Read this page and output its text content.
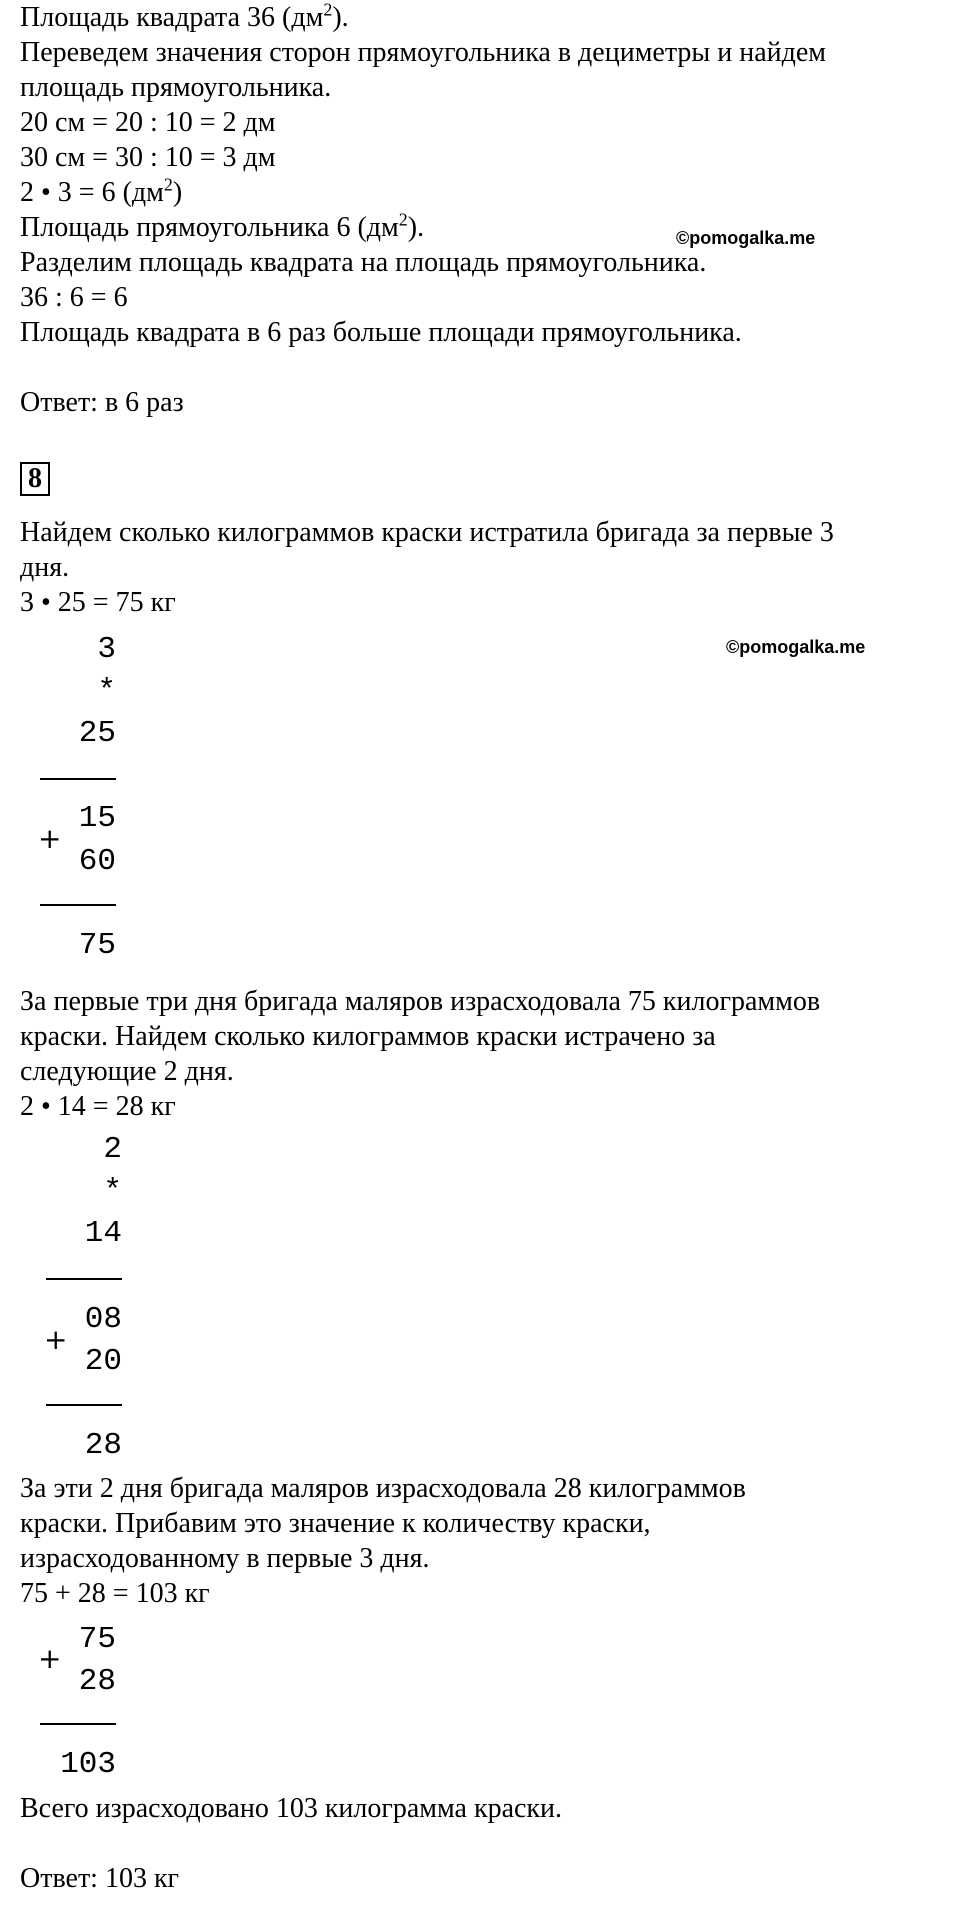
Площадь квадрата 36 $(дм^2)$.
Переведем значения сторон прямоугольника в дециметры и найдем
площадь прямоугольника.
20 см = 20 : 10 = 2 дм
30 см = 30 : 10 = 3 дм
2 • 3 = 6 $(дм^2)$
Площадь прямоугольника 6 $(дм^2)$.	©pomogalka.me
Разделим площадь квадрата на площадь прямоугольника.
36 : 6 = 6
Площадь квадрата в 6 раз больше площади прямоугольника.
Ответ: в 6 раз
8
Найдем сколько килограммов краски истратила бригада за первые 3
дня.
3 • 25 = 75 кг
©pomogalka.me
3
*
25
+
15
60
75
За первые три дня бригада маляров израсходовала 75 килограммов
краски. Найдем сколько килограммов краски истрачено за
следующие 2 дня.
2 • 14 = 28 кг
2
*
14
+
08
20
28
За эти 2 дня бригада маляров израсходовала 28 килограммов
краски. Прибавим это значение к количеству краски,
израсходованному в первые 3 дня.
75 + 28 = 103 кг
+
75
28
103
Всего израсходовано 103 килограмма краски.
Ответ: 103 кг
